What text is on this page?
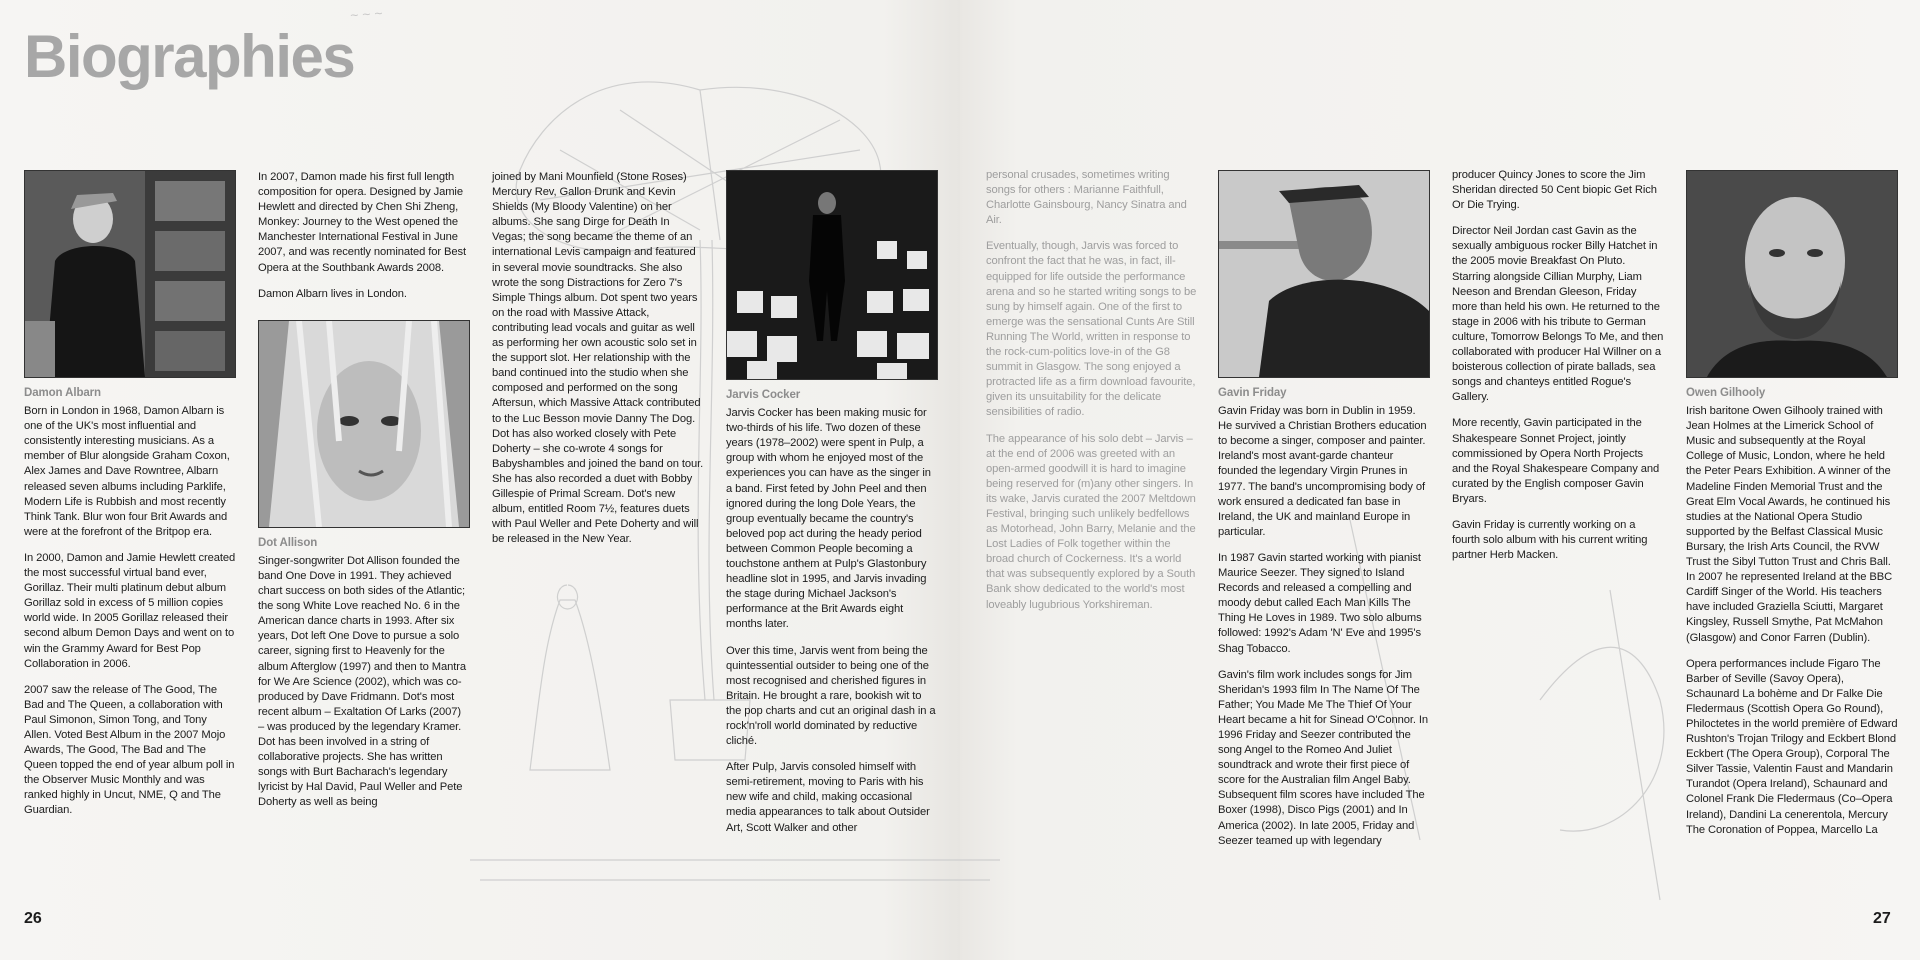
Biographies
~ ~ ~
Damon Albarn

Born in London in 1968, Damon Albarn is one of the UK's most influential and consistently interesting musicians. As a member of Blur alongside Graham Coxon, Alex James and Dave Rowntree, Albarn released seven albums including Parklife, Modern Life is Rubbish and most recently Think Tank. Blur won four Brit Awards and were at the forefront of the Britpop era.

In 2000, Damon and Jamie Hewlett created the most successful virtual band ever, Gorillaz. Their multi platinum debut album Gorillaz sold in excess of 5 million copies world wide. In 2005 Gorillaz released their second album Demon Days and went on to win the Grammy Award for Best Pop Collaboration in 2006.

2007 saw the release of The Good, The Bad and The Queen, a collaboration with Paul Simonon, Simon Tong, and Tony Allen. Voted Best Album in the 2007 Mojo Awards, The Good, The Bad and The Queen topped the end of year album poll in the Observer Music Monthly and was ranked highly in Uncut, NME, Q and The Guardian.

In 2007, Damon made his first full length composition for opera. Designed by Jamie Hewlett and directed by Chen Shi Zheng, Monkey: Journey to the West opened the Manchester International Festival in June 2007, and was recently nominated for Best Opera at the Southbank Awards 2008.

Damon Albarn lives in London.

Dot Allison

Singer-songwriter Dot Allison founded the band One Dove in 1991. They achieved chart success on both sides of the Atlantic; the song White Love reached No. 6 in the American dance charts in 1993. After six years, Dot left One Dove to pursue a solo career, signing first to Heavenly for the album Afterglow (1997) and then to Mantra for We Are Science (2002), which was co-produced by Dave Fridmann. Dot's most recent album – Exaltation Of Larks (2007) – was produced by the legendary Kramer. Dot has been involved in a string of collaborative projects. She has written songs with Burt Bacharach's legendary lyricist by Hal David, Paul Weller and Pete Doherty as well as being

joined by Mani Mounfield (Stone Roses) Mercury Rev, Gallon Drunk and Kevin Shields (My Bloody Valentine) on her albums. She sang Dirge for Death In Vegas; the song became the theme of an international Levis campaign and featured in several movie soundtracks. She also wrote the song Distractions for Zero 7's Simple Things album. Dot spent two years on the road with Massive Attack, contributing lead vocals and guitar as well as performing her own acoustic solo set in the support slot. Her relationship with the band continued into the studio when she composed and performed on the song Aftersun, which Massive Attack contributed to the Luc Besson movie Danny The Dog. Dot has also worked closely with Pete Doherty – she co-wrote 4 songs for Babyshambles and joined the band on tour. She has also recorded a duet with Bobby Gillespie of Primal Scream. Dot's new album, entitled Room 7½, features duets with Paul Weller and Pete Doherty and will be released in the New Year.

Jarvis Cocker

Jarvis Cocker has been making music for two-thirds of his life. Two dozen of these years (1978–2002) were spent in Pulp, a group with whom he enjoyed most of the experiences you can have as the singer in a band. First feted by John Peel and then ignored during the long Dole Years, the group eventually became the country's beloved pop act during the heady period between Common People becoming a touchstone anthem at Pulp's Glastonbury headline slot in 1995, and Jarvis invading the stage during Michael Jackson's performance at the Brit Awards eight months later.

Over this time, Jarvis went from being the quintessential outsider to being one of the most recognised and cherished figures in Britain. He brought a rare, bookish wit to the pop charts and cut an original dash in a rock'n'roll world dominated by reductive cliché.

After Pulp, Jarvis consoled himself with semi-retirement, moving to Paris with his new wife and child, making occasional media appearances to talk about Outsider Art, Scott Walker and other

26

personal crusades, sometimes writing songs for others : Marianne Faithfull, Charlotte Gainsbourg, Nancy Sinatra and Air.

Eventually, though, Jarvis was forced to confront the fact that he was, in fact, ill-equipped for life outside the performance arena and so he started writing songs to be sung by himself again. One of the first to emerge was the sensational Cunts Are Still Running The World, written in response to the rock-cum-politics love-in of the G8 summit in Glasgow. The song enjoyed a protracted life as a firm download favourite, given its unsuitability for the delicate sensibilities of radio.

The appearance of his solo debt – Jarvis – at the end of 2006 was greeted with an open-armed goodwill it is hard to imagine being reserved for (m)any other singers. In its wake, Jarvis curated the 2007 Meltdown Festival, bringing such unlikely bedfellows as Motorhead, John Barry, Melanie and the Lost Ladies of Folk together within the broad church of Cockerness. It's a world that was subsequently explored by a South Bank show dedicated to the world's most loveably lugubrious Yorkshireman.

Gavin Friday

Gavin Friday was born in Dublin in 1959. He survived a Christian Brothers education to become a singer, composer and painter. Ireland's most avant-garde chanteur founded the legendary Virgin Prunes in 1977. The band's uncompromising body of work ensured a dedicated fan base in Ireland, the UK and mainland Europe in particular.

In 1987 Gavin started working with pianist Maurice Seezer. They signed to Island Records and released a compelling and moody debut called Each Man Kills The Thing He Loves in 1989. Two solo albums followed: 1992's Adam 'N' Eve and 1995's Shag Tobacco.

Gavin's film work includes songs for Jim Sheridan's 1993 film In The Name Of The Father; You Made Me The Thief Of Your Heart became a hit for Sinead O'Connor. In 1996 Friday and Seezer contributed the song Angel to the Romeo And Juliet soundtrack and wrote their first piece of score for the Australian film Angel Baby. Subsequent film scores have included The Boxer (1998), Disco Pigs (2001) and In America (2002). In late 2005, Friday and Seezer teamed up with legendary

producer Quincy Jones to score the Jim Sheridan directed 50 Cent biopic Get Rich Or Die Trying.

Director Neil Jordan cast Gavin as the sexually ambiguous rocker Billy Hatchet in the 2005 movie Breakfast On Pluto. Starring alongside Cillian Murphy, Liam Neeson and Brendan Gleeson, Friday more than held his own. He returned to the stage in 2006 with his tribute to German culture, Tomorrow Belongs To Me, and then collaborated with producer Hal Willner on a boisterous collection of pirate ballads, sea songs and chanteys entitled Rogue's Gallery.

More recently, Gavin participated in the Shakespeare Sonnet Project, jointly commissioned by Opera North Projects and the Royal Shakespeare Company and curated by the English composer Gavin Bryars.

Gavin Friday is currently working on a fourth solo album with his current writing partner Herb Macken.

Owen Gilhooly

Irish baritone Owen Gilhooly trained with Jean Holmes at the Limerick School of Music and subsequently at the Royal College of Music, London, where he held the Peter Pears Exhibition. A winner of the Madeline Finden Memorial Trust and the Great Elm Vocal Awards, he continued his studies at the National Opera Studio supported by the Belfast Classical Music Bursary, the Irish Arts Council, the RVW Trust the Sibyl Tutton Trust and Chris Ball. In 2007 he represented Ireland at the BBC Cardiff Singer of the World. His teachers have included Graziella Sciutti, Margaret Kingsley, Russell Smythe, Pat McMahon (Glasgow) and Conor Farren (Dublin).

Opera performances include Figaro The Barber of Seville (Savoy Opera), Schaunard La bohème and Dr Falke Die Fledermaus (Scottish Opera Go Round), Philoctetes in the world première of Edward Rushton's Trojan Trilogy and Eckbert Blond Eckbert (The Opera Group), Corporal The Silver Tassie, Valentin Faust and Mandarin Turandot (Opera Ireland), Schaunard and Colonel Frank Die Fledermaus (Co–Opera Ireland), Dandini La cenerentola, Mercury The Coronation of Poppea, Marcello La

27
